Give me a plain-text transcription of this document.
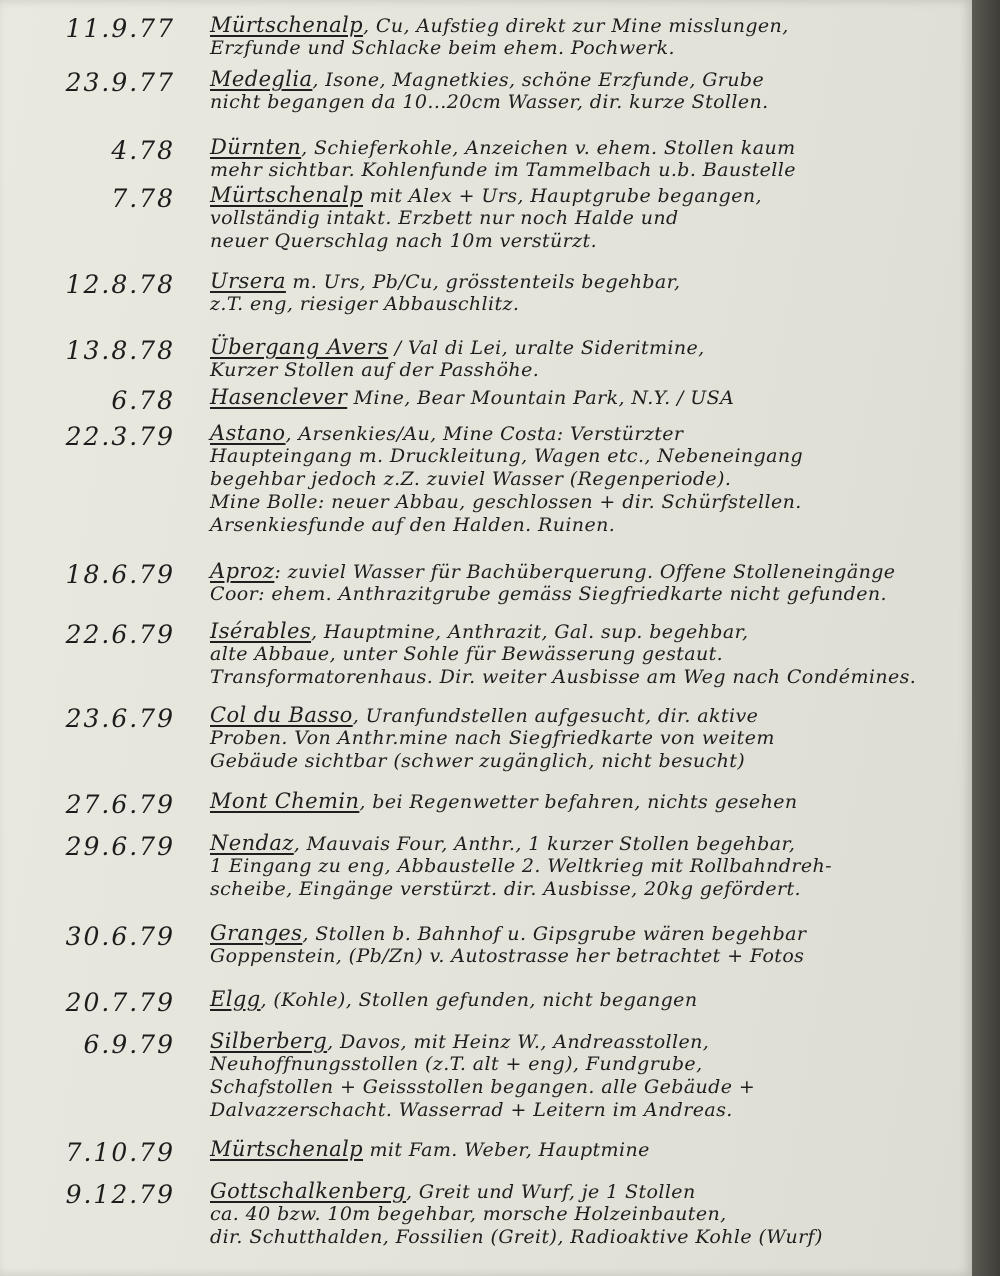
11.9.77 Mürtschenalp, Cu, Aufstieg direkt zur Mine misslungen,
Erzfunde und Schlacke beim ehem. Pochwerk.
23.9.77 Medeglia, Isone, Magnetkies, schöne Erzfunde, Grube
nicht begangen da 10...20cm Wasser, dir. kurze Stollen.
4.78 Dürnten, Schieferkohle, Anzeichen v. ehem. Stollen kaum
mehr sichtbar. Kohlenfunde im Tammelbach u.b. Baustelle
7.78 Mürtschenalp mit Alex + Urs, Hauptgrube begangen,
vollständig intakt. Erzbett nur noch Halde und
neuer Querschlag nach 10m verstürzt.
12.8.78 Ursera m. Urs, Pb/Cu, grösstenteils begehbar,
z.T. eng, riesiger Abbauschlitz.
13.8.78 Übergang Avers / Val di Lei, uralte Sideritmine,
Kurzer Stollen auf der Passhöhe.
6.78 Hasenclever Mine, Bear Mountain Park, N.Y. / USA
22.3.79 Astano, Arsenkies/Au, Mine Costa: Verstürzter
Haupteingang m. Druckleitung, Wagen etc., Nebeneingang
begehbar jedoch z.Z. zuviel Wasser (Regenperiode).
Mine Bolle: neuer Abbau, geschlossen + dir. Schürfstellen.
Arsenkiesfunde auf den Halden. Ruinen.
18.6.79 Aproz: zuviel Wasser für Bachüberquerung. Offene Stolleneingänge
Coor: ehem. Anthrazitgrube gemäss Siegfriedkarte nicht gefunden.
22.6.79 Isérables, Hauptmine, Anthrazit, Gal. sup. begehbar,
alte Abbaue, unter Sohle für Bewässerung gestaut.
Transformatorenhaus. Dir. weiter Ausbisse am Weg nach Condémines.
23.6.79 Col du Basso, Uranfundstellen aufgesucht, dir. aktive
Proben. Von Anthr.mine nach Siegfriedkarte von weitem
Gebäude sichtbar (schwer zugänglich, nicht besucht)
27.6.79 Mont Chemin, bei Regenwetter befahren, nichts gesehen
29.6.79 Nendaz, Mauvais Four, Anthr., 1 kurzer Stollen begehbar,
1 Eingang zu eng, Abbaustelle 2. Weltkrieg mit Rollbahndreh-
scheibe, Eingänge verstürzt. dir. Ausbisse, 20kg gefördert.
30.6.79 Granges, Stollen b. Bahnhof u. Gipsgrube wären begehbar
Goppenstein, (Pb/Zn) v. Autostrasse her betrachtet + Fotos
20.7.79 Elgg, (Kohle), Stollen gefunden, nicht begangen
6.9.79 Silberberg, Davos, mit Heinz W., Andreasstollen,
Neuhoffnungsstollen (z.T. alt + eng), Fundgrube,
Schafstollen + Geissstollen begangen. alle Gebäude +
Dalvazzerschacht. Wasserrad + Leitern im Andreas.
7.10.79 Mürtschenalp mit Fam. Weber, Hauptmine
9.12.79 Gottschalkenberg, Greit und Wurf, je 1 Stollen
ca. 40 bzw. 10m begehbar, morsche Holzeinbauten,
dir. Schutthalden, Fossilien (Greit), Radioaktive Kohle (Wurf)
